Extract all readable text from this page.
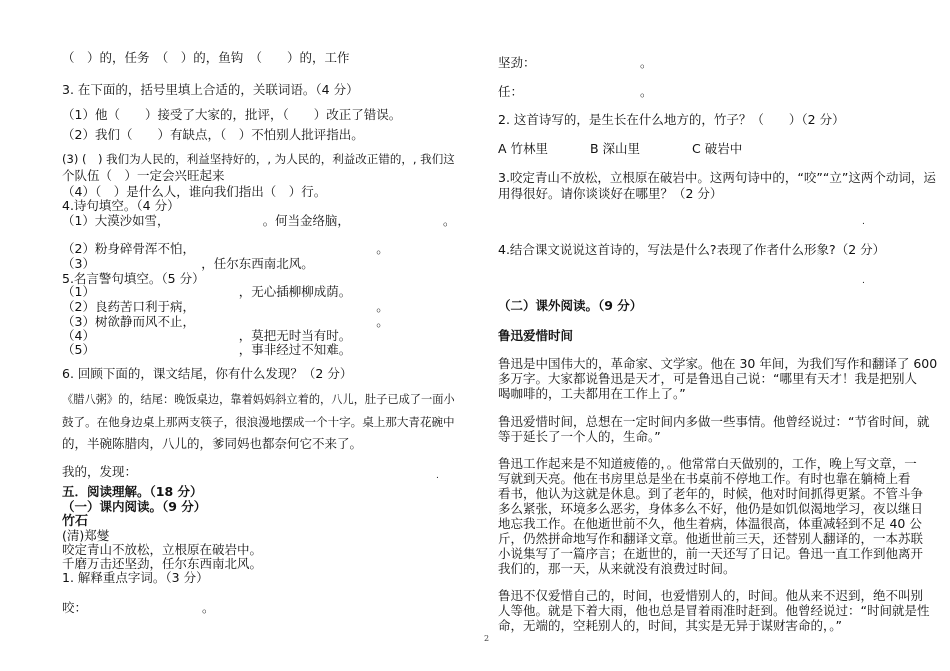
（　）的，任务　（　）的，鱼钩　（　　）的，工作
3. 在下面的，括号里填上合适的，关联词语。（4 分）
（1）他（　　）接受了大家的，批评，（　　）改正了错误。
（2）我们（　　）有缺点，（　）不怕别人批评指出。
(3) (　) 我们为人民的，利益坚持好的，, 为人民的，利益改正错的，, 我们这
个队伍（　）一定会兴旺起来
（4）（　）是什么人，谁向我们指出（　）行。
4.诗句填空。（4 分）
（1）大漠沙如雪，　　　　　　　　。何当金络脑，　　　　　　　　。
（2）粉身碎骨浑不怕，　　　　　　　　　　　　　　　。
（3）　　　　　　　　　，任尔东西南北风。
5.名言警句填空。（5 分）
（1）　　　　　　　　　　　　，无心插柳柳成荫。
（2）良药苦口利于病，　　　　　　　　　　　　　　　。
（3）树欲静而风不止，　　　　　　　　　　　　　　　。
（4）　　　　　　　　　　　　，莫把无时当有时。
（5）　　　　　　　　　　　　，事非经过不知难。
6. 回顾下面的，课文结尾，你有什么发现？（2 分）
《腊八粥》的，结尾：晚饭桌边，靠着妈妈斜立着的，八儿，肚子已成了一面小
鼓了。在他身边桌上那两支筷子，很浪漫地摆成一个十字。桌上那大青花碗中
的，半碗陈腊肉，八儿的，爹同妈也都奈何它不来了。
我的，发现：
五．阅读理解。（18 分）
（一）课内阅读。（9 分）
竹石
(清)郑燮
咬定青山不放松，立根原在破岩中。
千磨万击还坚劲，任尔东西南北风。
1. 解释重点字词。（3 分）
咬：	。
.
坚劲：	。
任：	。
2. 这首诗写的，是生长在什么地方的，竹子？（　　）（2 分）
A 竹林里	B 深山里	C 破岩中
3.咬定青山不放松，立根原在破岩中。这两句诗中的，“咬”“立”这两个动词，运
用得很好。请你谈谈好在哪里？（2 分）
.
4.结合课文说说这首诗的，写法是什么?表现了作者什么形象?（2 分）
.
（二）课外阅读。（9 分）
鲁迅爱惜时间
鲁迅是中国伟大的，革命家、文学家。他在 30 年间，为我们写作和翻译了 600
多万字。大家都说鲁迅是天才，可是鲁迅自己说：“哪里有天才！我是把别人
喝咖啡的，工夫都用在工作上了。”
鲁迅爱惜时间，总想在一定时间内多做一些事情。他曾经说过：“节省时间，就
等于延长了一个人的，生命。”
鲁迅工作起来是不知道疲倦的，。他常常白天做别的，工作，晚上写文章，一
写就到天亮。他在书房里总是坐在书桌前不停地工作。有时也靠在躺椅上看
看书，他认为这就是休息。到了老年的，时候，他对时间抓得更紧。不管斗争
多么紧张，环境多么恶劣，身体多么不好，他仍是如饥似渴地学习，夜以继日
地忘我工作。在他逝世前不久，他生着病，体温很高，体重减轻到不足 40 公
斤，仍然拼命地写作和翻译文章。他逝世前三天，还替别人翻译的，一本苏联
小说集写了一篇序言；在逝世的，前一天还写了日记。鲁迅一直工作到他离开
我们的，那一天，从来就没有浪费过时间。
鲁迅不仅爱惜自己的，时间，也爱惜别人的，时间。他从来不迟到，绝不叫别
人等他。就是下着大雨，他也总是冒着雨准时赶到。他曾经说过：“时间就是性
命，无端的，空耗别人的，时间，其实是无异于谋财害命的，。”
2
